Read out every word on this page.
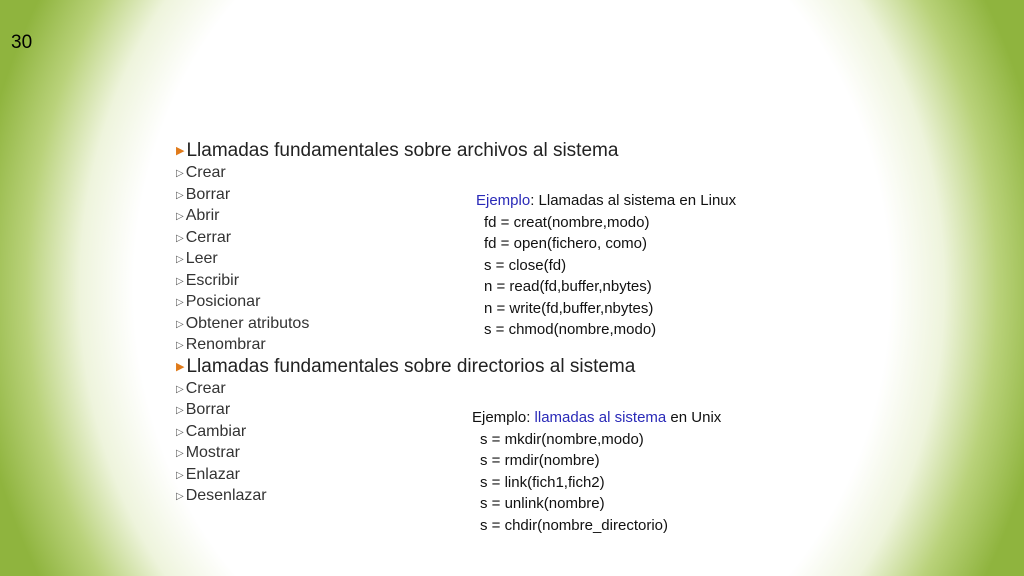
30
▶ Llamadas fundamentales sobre archivos al sistema
▷ Crear
▷ Borrar
▷ Abrir
▷ Cerrar
▷ Leer
▷ Escribir
▷ Posicionar
▷ Obtener atributos
▷ Renombrar
▶ Llamadas fundamentales sobre directorios al sistema
▷ Crear
▷ Borrar
▷ Cambiar
▷ Mostrar
▷ Enlazar
▷ Desenlazar
Ejemplo: Llamadas al sistema en Linux
fd = creat(nombre,modo)
fd = open(fichero, como)
s = close(fd)
n = read(fd,buffer,nbytes)
n = write(fd,buffer,nbytes)
s = chmod(nombre,modo)
Ejemplo: llamadas al sistema en Unix
s = mkdir(nombre,modo)
s = rmdir(nombre)
s = link(fich1,fich2)
s = unlink(nombre)
s = chdir(nombre_directorio)
